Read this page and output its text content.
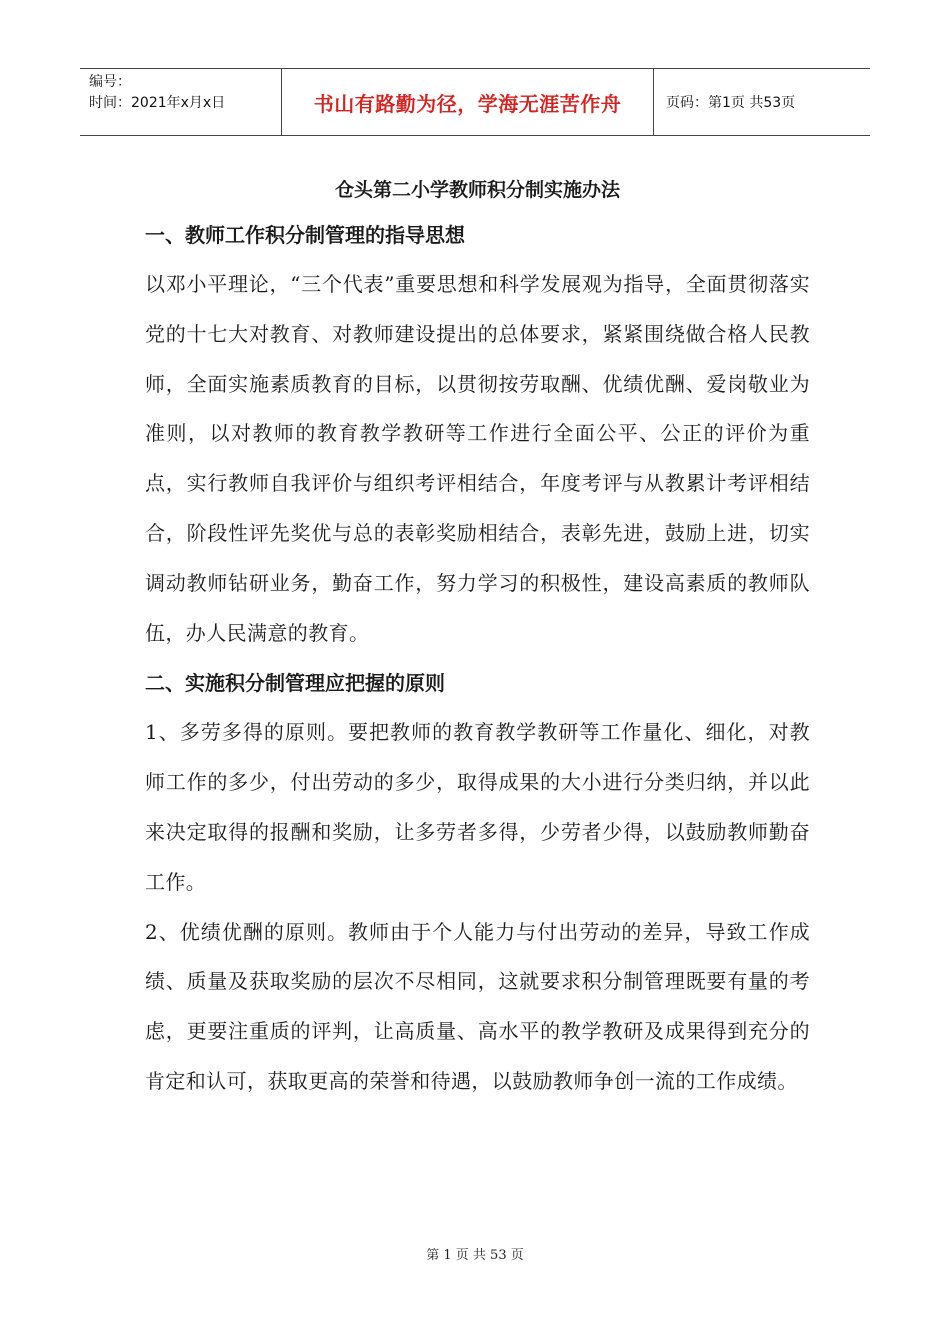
编号：
时间：2021年x月x日	书山有路勤为径，学海无涯苦作舟	页码：第1页 共53页
仓头第二小学教师积分制实施办法
一、教师工作积分制管理的指导思想

以邓小平理论，“三个代表”重要思想和科学发展观为指导，全面贯彻落实党的十七大对教育、对教师建设提出的总体要求，紧紧围绕做合格人民教师，全面实施素质教育的目标，以贯彻按劳取酬、优绩优酬、爱岗敬业为准则，以对教师的教育教学教研等工作进行全面公平、公正的评价为重点，实行教师自我评价与组织考评相结合，年度考评与从教累计考评相结合，阶段性评先奖优与总的表彰奖励相结合，表彰先进，鼓励上进，切实调动教师钻研业务，勤奋工作，努力学习的积极性，建设高素质的教师队伍，办人民满意的教育。

二、实施积分制管理应把握的原则

1、多劳多得的原则。要把教师的教育教学教研等工作量化、细化，对教师工作的多少，付出劳动的多少，取得成果的大小进行分类归纳，并以此来决定取得的报酬和奖励，让多劳者多得，少劳者少得，以鼓励教师勤奋工作。

2、优绩优酬的原则。教师由于个人能力与付出劳动的差异，导致工作成绩、质量及获取奖励的层次不尽相同，这就要求积分制管理既要有量的考虑，更要注重质的评判，让高质量、高水平的教学教研及成果得到充分的肯定和认可，获取更高的荣誉和待遇，以鼓励教师争创一流的工作成绩。

第 1 页 共 53 页
